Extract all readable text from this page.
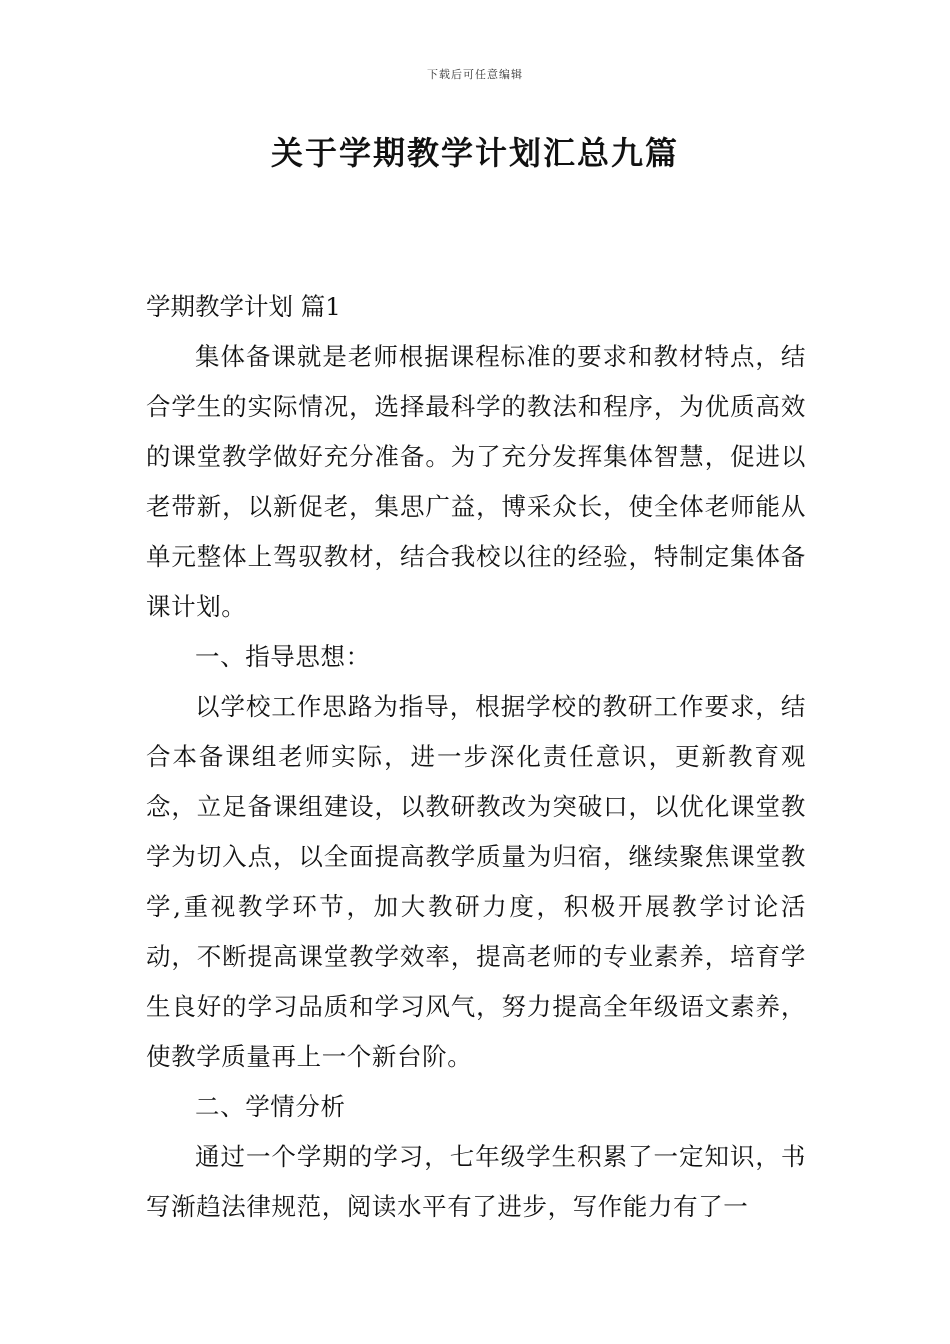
下载后可任意编辑
关于学期教学计划汇总九篇
学期教学计划 篇1

集体备课就是老师根据课程标准的要求和教材特点，结合学生的实际情况，选择最科学的教法和程序，为优质高效的课堂教学做好充分准备。为了充分发挥集体智慧，促进以老带新，以新促老，集思广益，博采众长，使全体老师能从单元整体上驾驭教材，结合我校以往的经验，特制定集体备课计划。

一、指导思想：

以学校工作思路为指导，根据学校的教研工作要求，结合本备课组老师实际，进一步深化责任意识，更新教育观念，立足备课组建设，以教研教改为突破口，以优化课堂教学为切入点，以全面提高教学质量为归宿，继续聚焦课堂教学,重视教学环节，加大教研力度，积极开展教学讨论活动，不断提高课堂教学效率，提高老师的专业素养，培育学生良好的学习品质和学习风气，努力提高全年级语文素养，使教学质量再上一个新台阶。

二、学情分析

通过一个学期的学习，七年级学生积累了一定知识，书写渐趋法律规范，阅读水平有了进步，写作能力有了一
